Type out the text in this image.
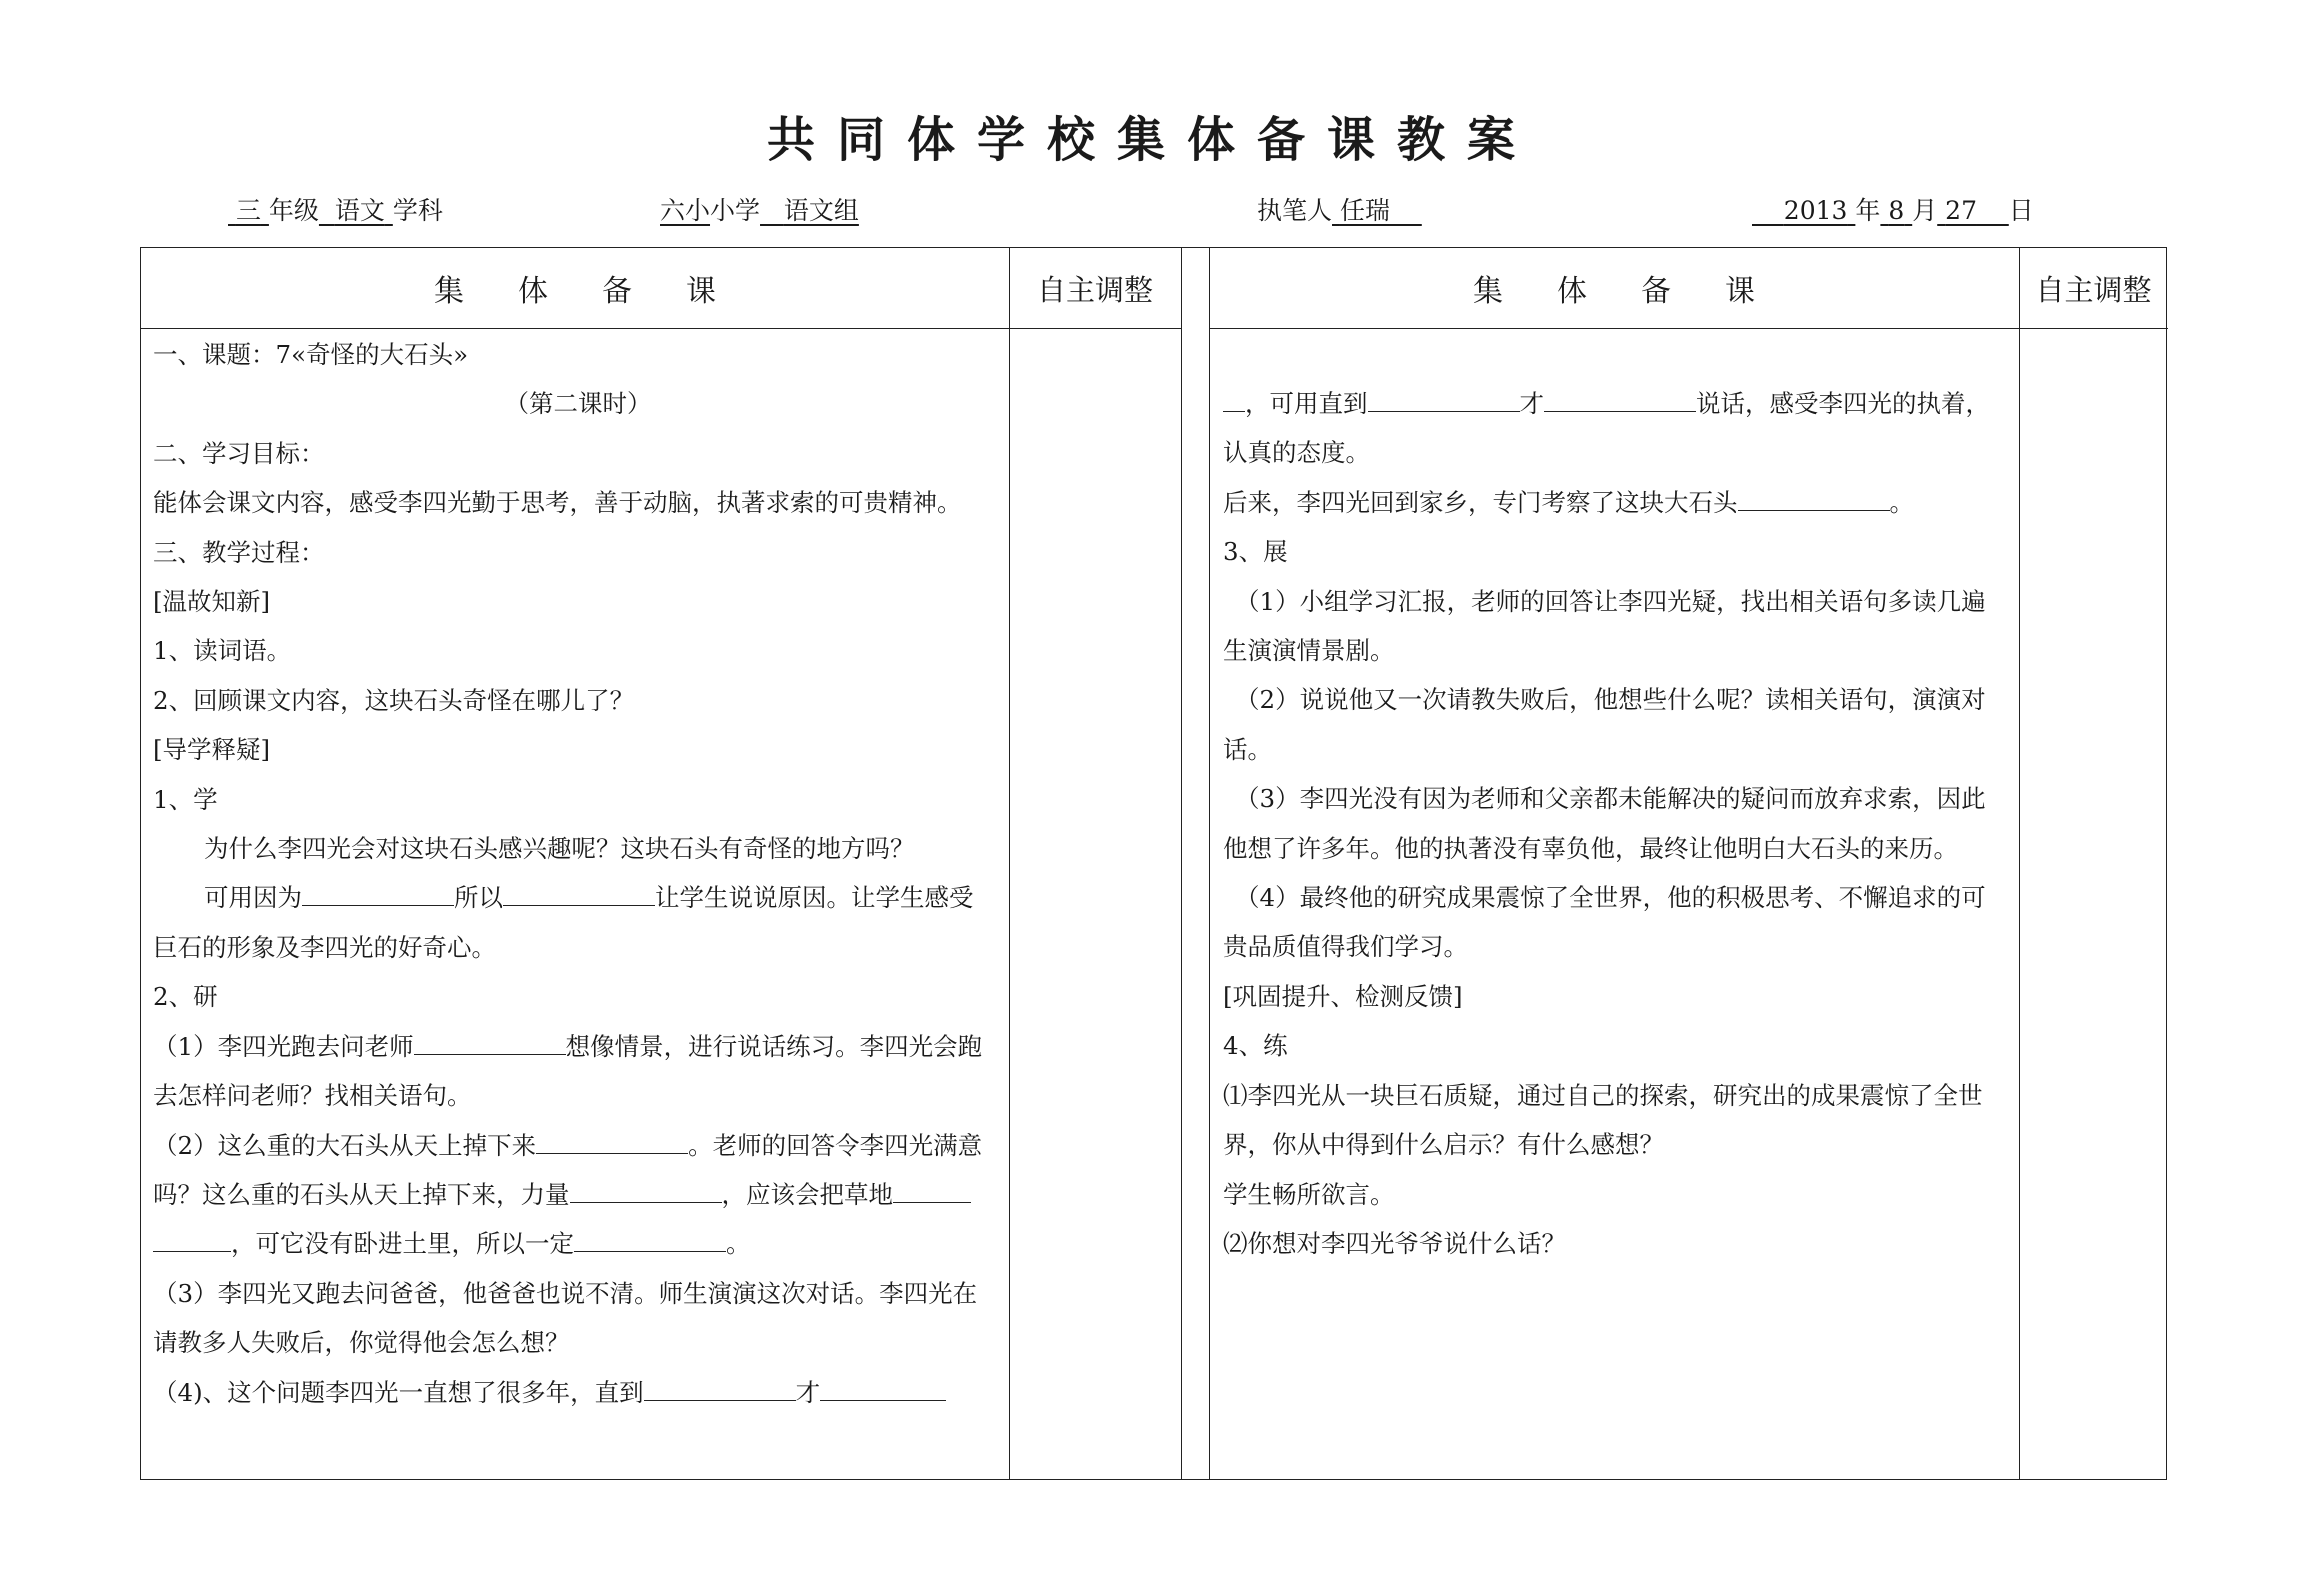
共同体学校集体备课教案
三 年级 语文 学科	六小小学 语文组	执笔人 任瑞	2013 年 8 月 27 日
集体备课	自主调整	集体备课	自主调整

一、课题：7«奇怪的大石头»

（第二课时）

二、学习目标：

能体会课文内容，感受李四光勤于思考，善于动脑，执著求索的可贵精神。

三、教学过程：

[温故知新]

1、读词语。

2、回顾课文内容，这块石头奇怪在哪儿了？

[导学释疑]

1、学

为什么李四光会对这块石头感兴趣呢？这块石头有奇怪的地方吗？

可用因为	所以	让学生说说原因。让学生感受

巨石的形象及李四光的好奇心。

2、研

（1）李四光跑去问老师	想像情景，进行说话练习。李四光会跑

去怎样问老师？找相关语句。

（2）这么重的大石头从天上掉下来	。老师的回答令李四光满意

吗？这么重的石头从天上掉下来，力量	，应该会把草地

，可它没有卧进土里，所以一定	。

（3）李四光又跑去问爸爸，他爸爸也说不清。师生演演这次对话。李四光在

请教多人失败后，你觉得他会怎么想？

（4)、这个问题李四光一直想了很多年，直到	才

，可用直到	才	说话，感受李四光的执着，

认真的态度。

后来，李四光回到家乡，专门考察了这块大石头	。

3、展

（1）小组学习汇报，老师的回答让李四光疑，找出相关语句多读几遍

生演演情景剧。

（2）说说他又一次请教失败后，他想些什么呢？读相关语句，演演对

话。

（3）李四光没有因为老师和父亲都未能解决的疑问而放弃求索，因此

他想了许多年。他的执著没有辜负他，最终让他明白大石头的来历。

（4）最终他的研究成果震惊了全世界，他的积极思考、不懈追求的可

贵品质值得我们学习。

[巩固提升、检测反馈]

4、练

⑴李四光从一块巨石质疑，通过自己的探索，研究出的成果震惊了全世

界，你从中得到什么启示？有什么感想？

学生畅所欲言。

⑵你想对李四光爷爷说什么话？
